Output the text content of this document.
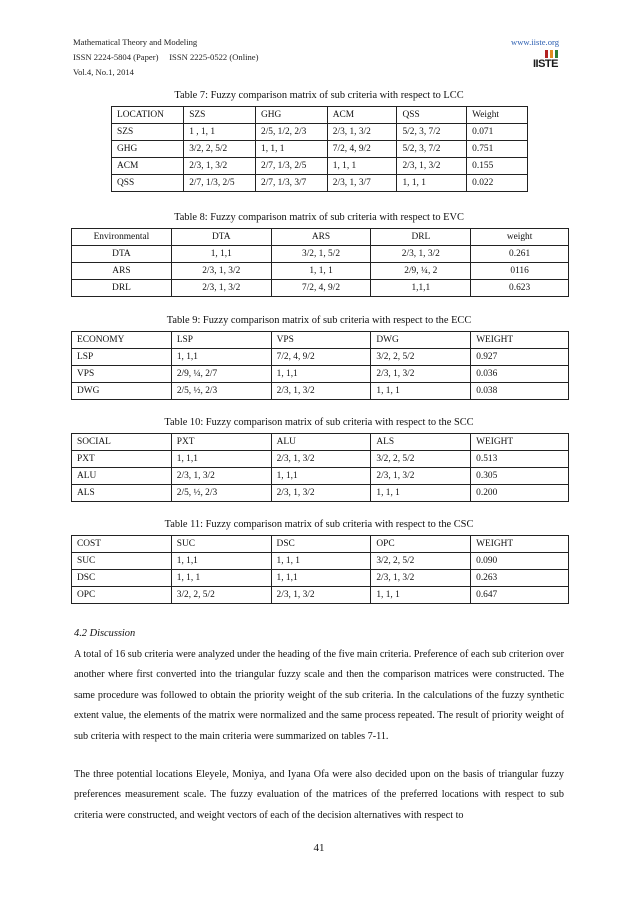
Mathematical Theory and Modeling
ISSN 2224-5804 (Paper)     ISSN 2225-0522 (Online)
Vol.4, No.1, 2014
www.iiste.org
IISTE
Table 7: Fuzzy comparison matrix of sub criteria with respect to LCC
LOCATION	SZS	GHG	ACM	QSS	Weight
SZS	1 , 1, 1	2/5, 1/2, 2/3	2/3, 1, 3/2	5/2, 3, 7/2	0.071
GHG	3/2, 2, 5/2	1, 1, 1	7/2, 4, 9/2	5/2, 3, 7/2	0.751
ACM	2/3, 1, 3/2	2/7, 1/3, 2/5	1, 1, 1	2/3, 1, 3/2	0.155
QSS	2/7, 1/3, 2/5	2/7, 1/3, 3/7	2/3, 1, 3/7	1, 1, 1	0.022
Table 8: Fuzzy comparison matrix of sub criteria with respect to EVC
Environmental	DTA	ARS	DRL	weight
DTA	1, 1,1	3/2, 1, 5/2	2/3, 1, 3/2	0.261
ARS	2/3, 1, 3/2	1, 1, 1	2/9, ¼, 2	0116
DRL	2/3, 1, 3/2	7/2, 4, 9/2	1,1,1	0.623
Table 9: Fuzzy comparison matrix of sub criteria with respect to the ECC
ECONOMY	LSP	VPS	DWG	WEIGHT
LSP	1, 1,1	7/2, 4, 9/2	3/2, 2, 5/2	0.927
VPS	2/9, ¼, 2/7	1, 1,1	2/3, 1, 3/2	0.036
DWG	2/5, ½, 2/3	2/3, 1, 3/2	1, 1, 1	0.038
Table 10: Fuzzy comparison matrix of sub criteria with respect to the SCC
SOCIAL	PXT	ALU	ALS	WEIGHT
PXT	1, 1,1	2/3, 1, 3/2	3/2, 2, 5/2	0.513
ALU	2/3, 1, 3/2	1, 1,1	2/3, 1, 3/2	0.305
ALS	2/5, ½, 2/3	2/3, 1, 3/2	1, 1, 1	0.200
Table 11: Fuzzy comparison matrix of sub criteria with respect to the CSC
COST	SUC	DSC	OPC	WEIGHT
SUC	1, 1,1	1, 1, 1	3/2, 2, 5/2	0.090
DSC	1, 1, 1	1, 1,1	2/3, 1, 3/2	0.263
OPC	3/2, 2, 5/2	2/3, 1, 3/2	1, 1, 1	0.647
4.2 Discussion

A total of 16 sub criteria were analyzed under the heading of the five main criteria. Preference of each sub criterion over another where first converted into the triangular fuzzy scale and then the comparison matrices were constructed. The same procedure was followed to obtain the priority weight of the sub criteria. In the calculations of the fuzzy synthetic extent value, the elements of the matrix were normalized and the same process repeated. The result of priority weight of sub criteria with respect to the main criteria were summarized on tables 7-11.

The three potential locations Eleyele, Moniya, and Iyana Ofa were also decided upon on the basis of triangular fuzzy preferences measurement scale. The fuzzy evaluation of the matrices of the preferred locations with respect to sub criteria were constructed, and weight vectors of each of the decision alternatives with respect to

41
